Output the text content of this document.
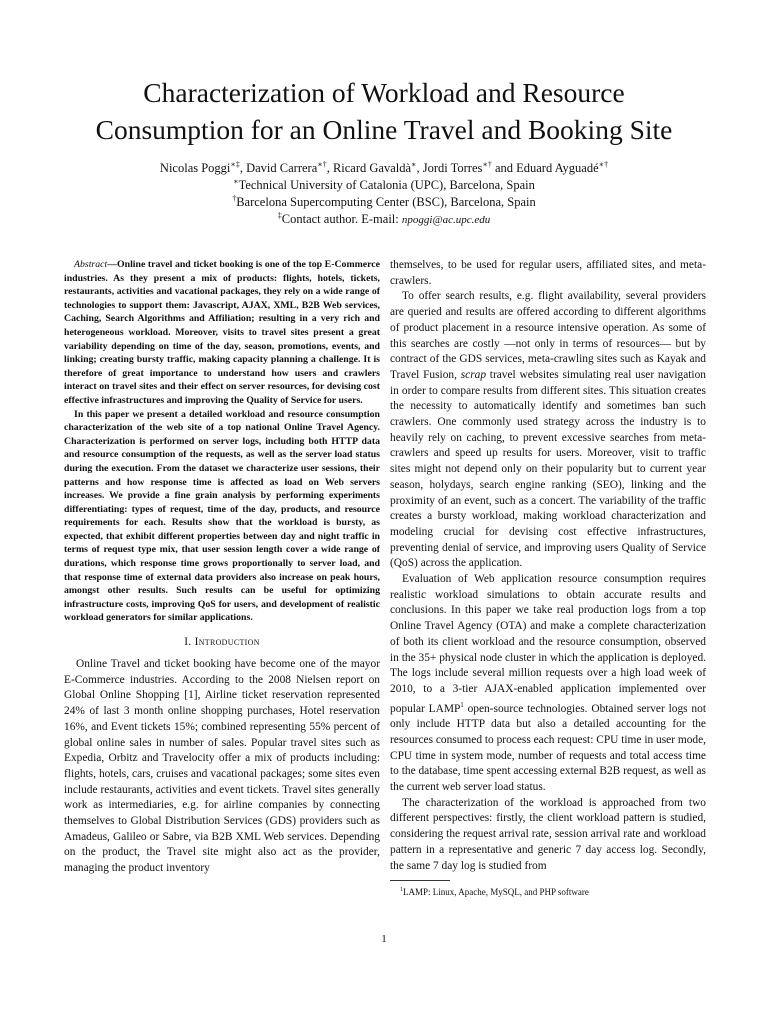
Characterization of Workload and Resource
Consumption for an Online Travel and Booking Site
Nicolas Poggi∗‡, David Carrera∗†, Ricard Gavaldà∗, Jordi Torres∗† and Eduard Ayguadé∗†
∗Technical University of Catalonia (UPC), Barcelona, Spain
†Barcelona Supercomputing Center (BSC), Barcelona, Spain
‡Contact author. E-mail: npoggi@ac.upc.edu

Abstract—Online travel and ticket booking is one of the top E-Commerce industries. As they present a mix of products: flights, hotels, tickets, restaurants, activities and vacational packages, they rely on a wide range of technologies to support them: Javascript, AJAX, XML, B2B Web services, Caching, Search Algorithms and Affiliation; resulting in a very rich and heterogeneous workload. Moreover, visits to travel sites present a great variability depending on time of the day, season, promotions, events, and linking; creating bursty traffic, making capacity planning a challenge. It is therefore of great importance to understand how users and crawlers interact on travel sites and their effect on server resources, for devising cost effective infrastructures and improving the Quality of Service for users.

In this paper we present a detailed workload and resource consumption characterization of the web site of a top national Online Travel Agency. Characterization is performed on server logs, including both HTTP data and resource consumption of the requests, as well as the server load status during the execution. From the dataset we characterize user sessions, their patterns and how response time is affected as load on Web servers increases. We provide a fine grain analysis by performing experiments differentiating: types of request, time of the day, products, and resource requirements for each. Results show that the workload is bursty, as expected, that exhibit different properties between day and night traffic in terms of request type mix, that user session length cover a wide range of durations, which response time grows proportionally to server load, and that response time of external data providers also increase on peak hours, amongst other results. Such results can be useful for optimizing infrastructure costs, improving QoS for users, and development of realistic workload generators for similar applications.

I. Introduction

Online Travel and ticket booking have become one of the mayor E-Commerce industries. According to the 2008 Nielsen report on Global Online Shopping [1], Airline ticket reservation represented 24% of last 3 month online shopping purchases, Hotel reservation 16%, and Event tickets 15%; combined representing 55% percent of global online sales in number of sales. Popular travel sites such as Expedia, Orbitz and Travelocity offer a mix of products including: flights, hotels, cars, cruises and vacational packages; some sites even include restaurants, activities and event tickets. Travel sites generally work as intermediaries, e.g. for airline companies by connecting themselves to Global Distribution Services (GDS) providers such as Amadeus, Galileo or Sabre, via B2B XML Web services. Depending on the product, the Travel site might also act as the provider, managing the product inventory

themselves, to be used for regular users, affiliated sites, and meta-crawlers.

To offer search results, e.g. flight availability, several providers are queried and results are offered according to different algorithms of product placement in a resource intensive operation. As some of this searches are costly —not only in terms of resources— but by contract of the GDS services, meta-crawling sites such as Kayak and Travel Fusion, scrap travel websites simulating real user navigation in order to compare results from different sites. This situation creates the necessity to automatically identify and sometimes ban such crawlers. One commonly used strategy across the industry is to heavily rely on caching, to prevent excessive searches from meta-crawlers and speed up results for users. Moreover, visit to traffic sites might not depend only on their popularity but to current year season, holydays, search engine ranking (SEO), linking and the proximity of an event, such as a concert. The variability of the traffic creates a bursty workload, making workload characterization and modeling crucial for devising cost effective infrastructures, preventing denial of service, and improving users Quality of Service (QoS) across the application.

Evaluation of Web application resource consumption requires realistic workload simulations to obtain accurate results and conclusions. In this paper we take real production logs from a top Online Travel Agency (OTA) and make a complete characterization of both its client workload and the resource consumption, observed in the 35+ physical node cluster in which the application is deployed. The logs include several million requests over a high load week of 2010, to a 3-tier AJAX-enabled application implemented over popular LAMP$^1$ open-source technologies. Obtained server logs not only include HTTP data but also a detailed accounting for the resources consumed to process each request: CPU time in user mode, CPU time in system mode, number of requests and total access time to the database, time spent accessing external B2B request, as well as the current web server load status.

The characterization of the workload is approached from two different perspectives: firstly, the client workload pattern is studied, considering the request arrival rate, session arrival rate and workload pattern in a representative and generic 7 day access log. Secondly, the same 7 day log is studied from

$^1$LAMP: Linux, Apache, MySQL, and PHP software
1
